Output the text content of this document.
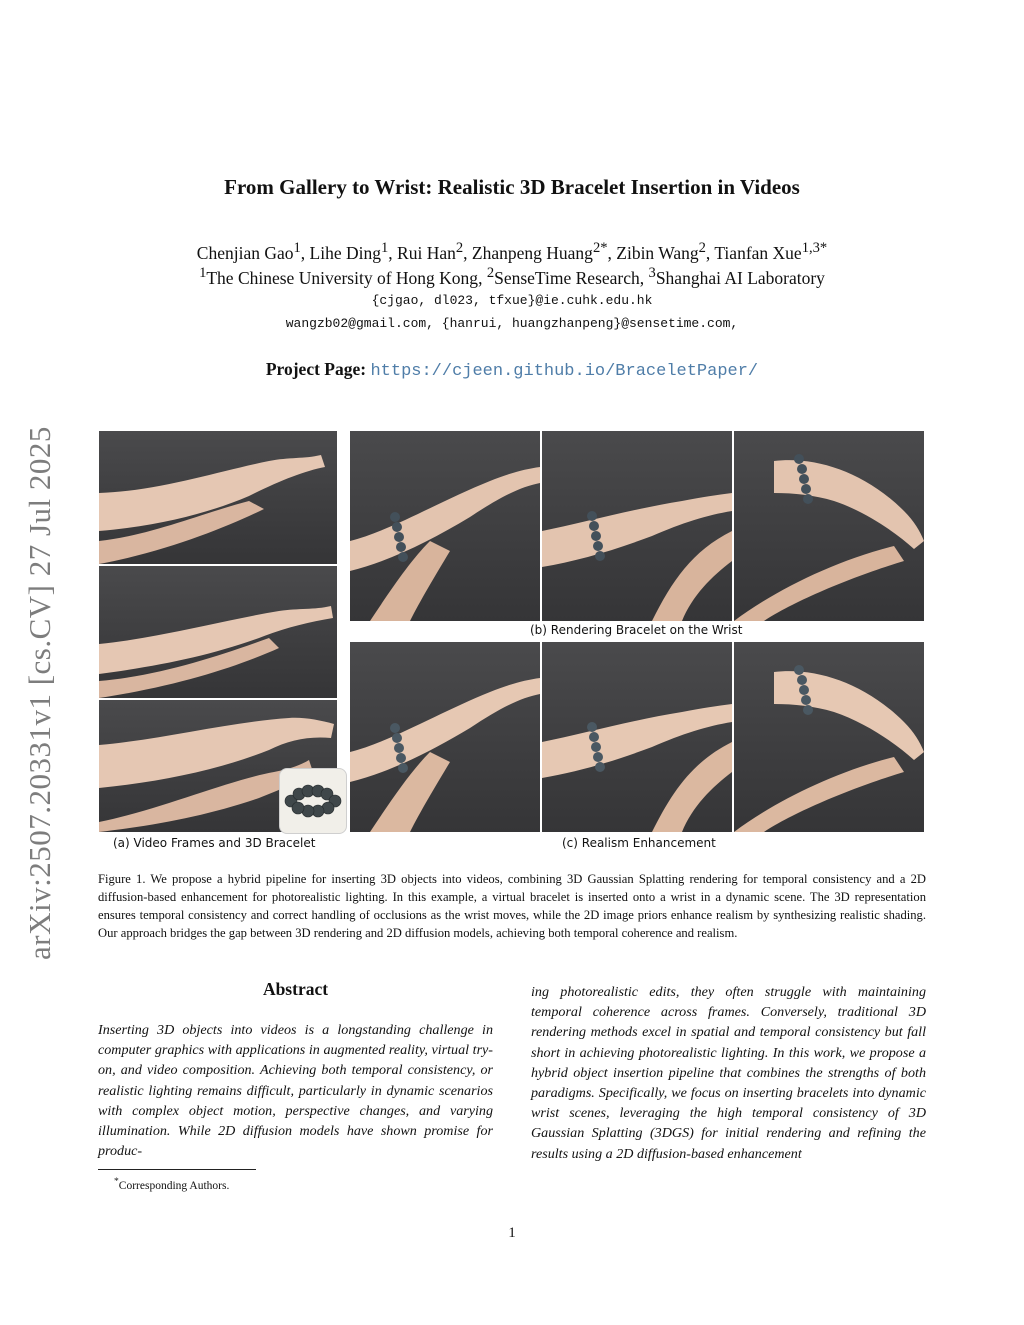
arXiv:2507.20331v1 [cs.CV] 27 Jul 2025
From Gallery to Wrist: Realistic 3D Bracelet Insertion in Videos
Chenjian Gao$^1$, Lihe Ding$^1$, Rui Han$^2$, Zhanpeng Huang$^{2*}$, Zibin Wang$^2$, Tianfan Xue$^{1,3*}$
$^1$The Chinese University of Hong Kong, $^2$SenseTime Research, $^3$Shanghai AI Laboratory
{cjgao, dl023, tfxue}@ie.cuhk.edu.hk
wangzb02@gmail.com, {hanrui, huangzhanpeng}@sensetime.com,
Project Page: https://cjeen.github.io/BraceletPaper/
(a) Video Frames and 3D Bracelet
(b) Rendering Bracelet on the Wrist
(c) Realism Enhancement
Figure 1. We propose a hybrid pipeline for inserting 3D objects into videos, combining 3D Gaussian Splatting rendering for temporal consistency and a 2D diffusion-based enhancement for photorealistic lighting. In this example, a virtual bracelet is inserted onto a wrist in a dynamic scene. The 3D representation ensures temporal consistency and correct handling of occlusions as the wrist moves, while the 2D image priors enhance realism by synthesizing realistic shading. Our approach bridges the gap between 3D rendering and 2D diffusion models, achieving both temporal coherence and realism.
Abstract
Inserting 3D objects into videos is a longstanding challenge in computer graphics with applications in augmented reality, virtual try-on, and video composition. Achieving both temporal consistency, or realistic lighting remains difficult, particularly in dynamic scenarios with complex object motion, perspective changes, and varying illumination. While 2D diffusion models have shown promise for produc-
ing photorealistic edits, they often struggle with maintaining temporal coherence across frames. Conversely, traditional 3D rendering methods excel in spatial and temporal consistency but fall short in achieving photorealistic lighting. In this work, we propose a hybrid object insertion pipeline that combines the strengths of both paradigms. Specifically, we focus on inserting bracelets into dynamic wrist scenes, leveraging the high temporal consistency of 3D Gaussian Splatting (3DGS) for initial rendering and refining the results using a 2D diffusion-based enhancement
*Corresponding Authors.
1
